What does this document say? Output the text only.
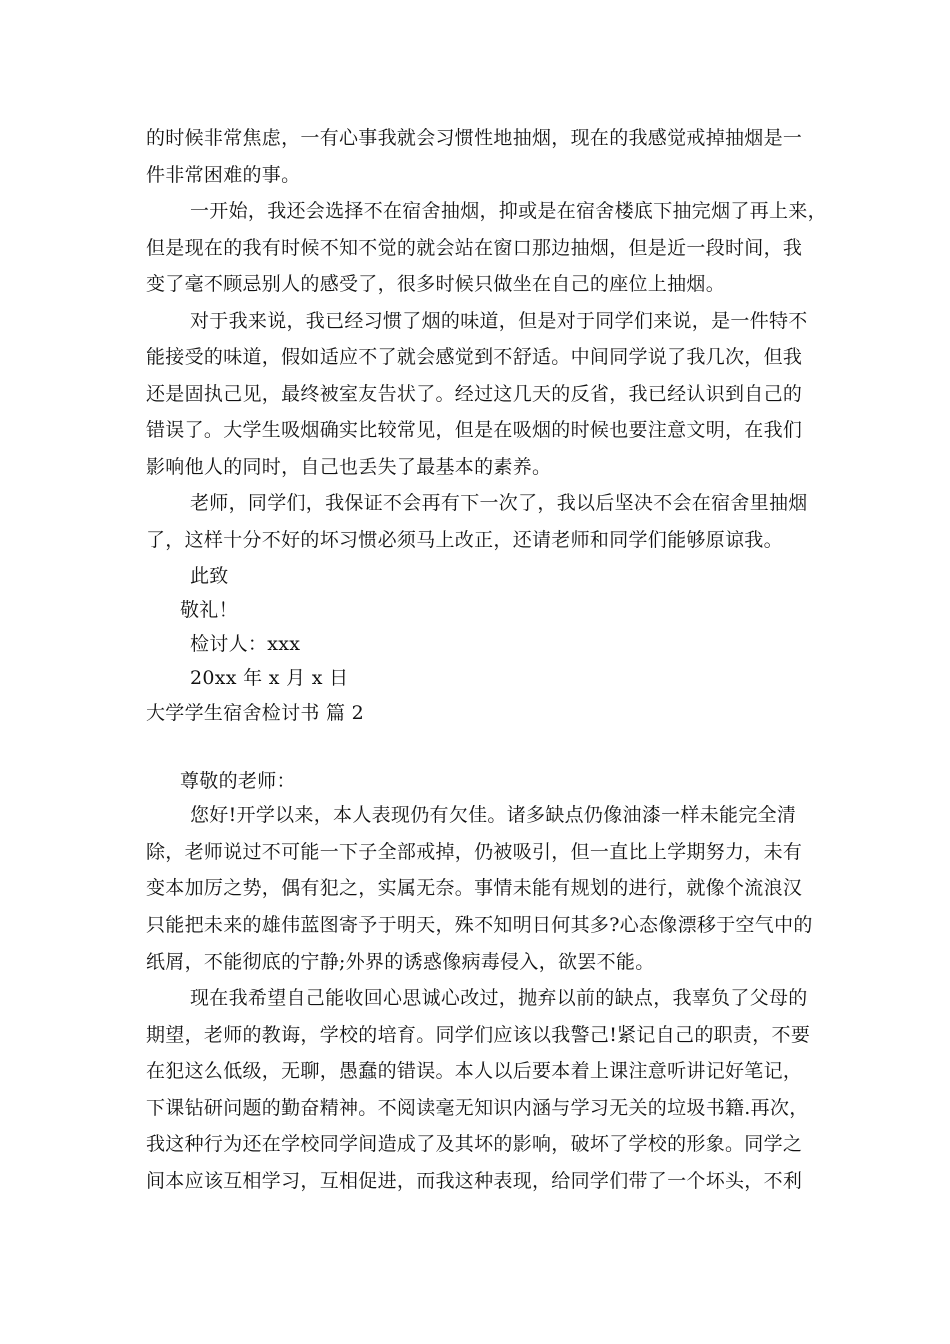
的时候非常焦虑，一有心事我就会习惯性地抽烟，现在的我感觉戒掉抽烟是一
件非常困难的事。
一开始，我还会选择不在宿舍抽烟，抑或是在宿舍楼底下抽完烟了再上来，
但是现在的我有时候不知不觉的就会站在窗口那边抽烟，但是近一段时间，我
变了毫不顾忌别人的感受了，很多时候只做坐在自己的座位上抽烟。
对于我来说，我已经习惯了烟的味道，但是对于同学们来说，是一件特不
能接受的味道，假如适应不了就会感觉到不舒适。中间同学说了我几次，但我
还是固执己见，最终被室友告状了。经过这几天的反省，我已经认识到自己的
错误了。大学生吸烟确实比较常见，但是在吸烟的时候也要注意文明，在我们
影响他人的同时，自己也丢失了最基本的素养。
老师，同学们，我保证不会再有下一次了，我以后坚决不会在宿舍里抽烟
了，这样十分不好的坏习惯必须马上改正，还请老师和同学们能够原谅我。
此致
敬礼！
检讨人：xxx
20xx 年 x 月 x 日
大学学生宿舍检讨书 篇 2
尊敬的老师：
您好!开学以来，本人表现仍有欠佳。诸多缺点仍像油漆一样未能完全清
除，老师说过不可能一下子全部戒掉，仍被吸引，但一直比上学期努力，未有
变本加厉之势，偶有犯之，实属无奈。事情未能有规划的进行，就像个流浪汉
只能把未来的雄伟蓝图寄予于明天，殊不知明日何其多?心态像漂移于空气中的
纸屑，不能彻底的宁静;外界的诱惑像病毒侵入，欲罢不能。
现在我希望自己能收回心思诚心改过，抛弃以前的缺点，我辜负了父母的
期望，老师的教诲，学校的培育。同学们应该以我警己!紧记自己的职责，不要
在犯这么低级，无聊，愚蠢的错误。本人以后要本着上课注意听讲记好笔记，
下课钻研问题的勤奋精神。不阅读毫无知识内涵与学习无关的垃圾书籍.再次，
我这种行为还在学校同学间造成了及其坏的影响，破坏了学校的形象。同学之
间本应该互相学习，互相促进，而我这种表现，给同学们带了一个坏头，不利
